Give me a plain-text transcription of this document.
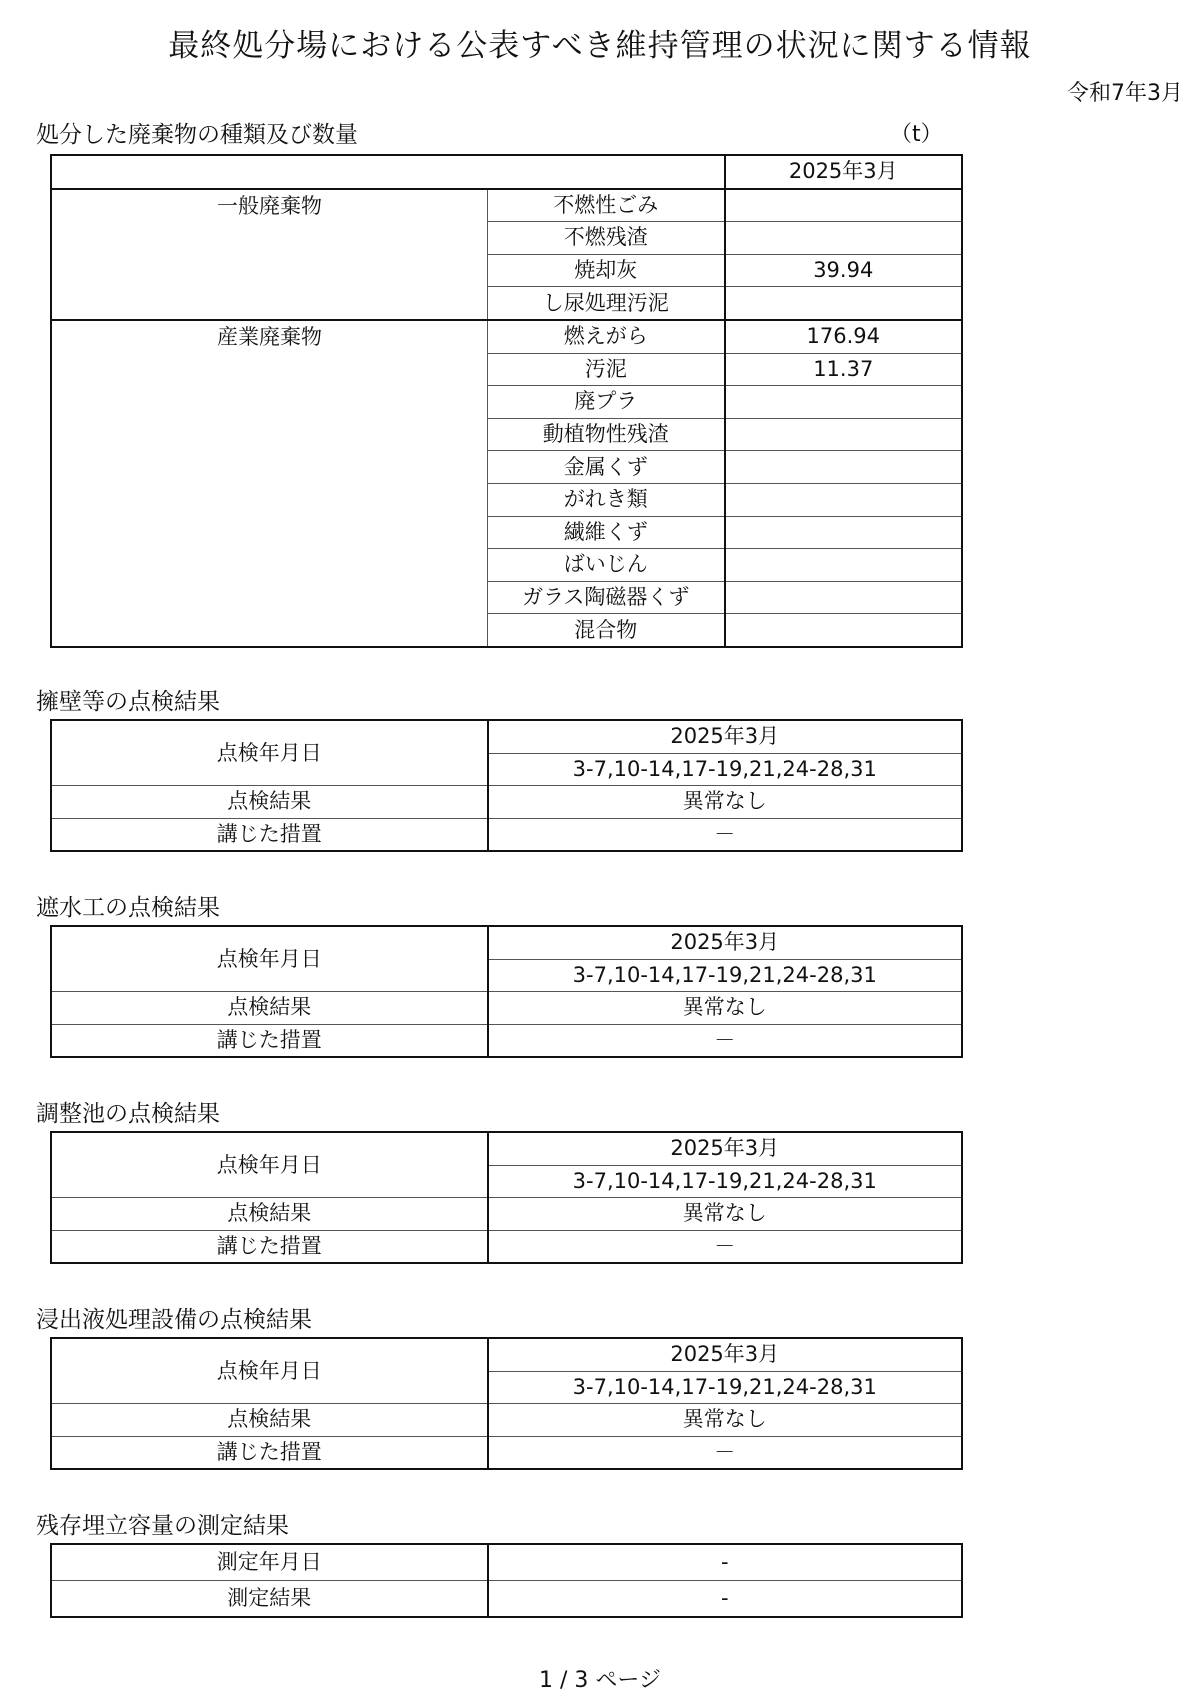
最終処分場における公表すべき維持管理の状況に関する情報
令和7年3月
処分した廃棄物の種類及び数量	（t）
		2025年3月
一般廃棄物	不燃性ごみ	
	不燃残渣	
	焼却灰	39.94
	し尿処理汚泥	
産業廃棄物	燃えがら	176.94
	汚泥	11.37
	廃プラ	
	動植物性残渣	
	金属くず	
	がれき類	
	繊維くず	
	ばいじん	
	ガラス陶磁器くず	
	混合物	
擁壁等の点検結果
点検年月日	2025年3月
	3-7,10-14,17-19,21,24-28,31
点検結果	異常なし
講じた措置	－
遮水工の点検結果
点検年月日	2025年3月
	3-7,10-14,17-19,21,24-28,31
点検結果	異常なし
講じた措置	－
調整池の点検結果
点検年月日	2025年3月
	3-7,10-14,17-19,21,24-28,31
点検結果	異常なし
講じた措置	－
浸出液処理設備の点検結果
点検年月日	2025年3月
	3-7,10-14,17-19,21,24-28,31
点検結果	異常なし
講じた措置	－
残存埋立容量の測定結果
測定年月日	-
測定結果	-
1 / 3 ページ
